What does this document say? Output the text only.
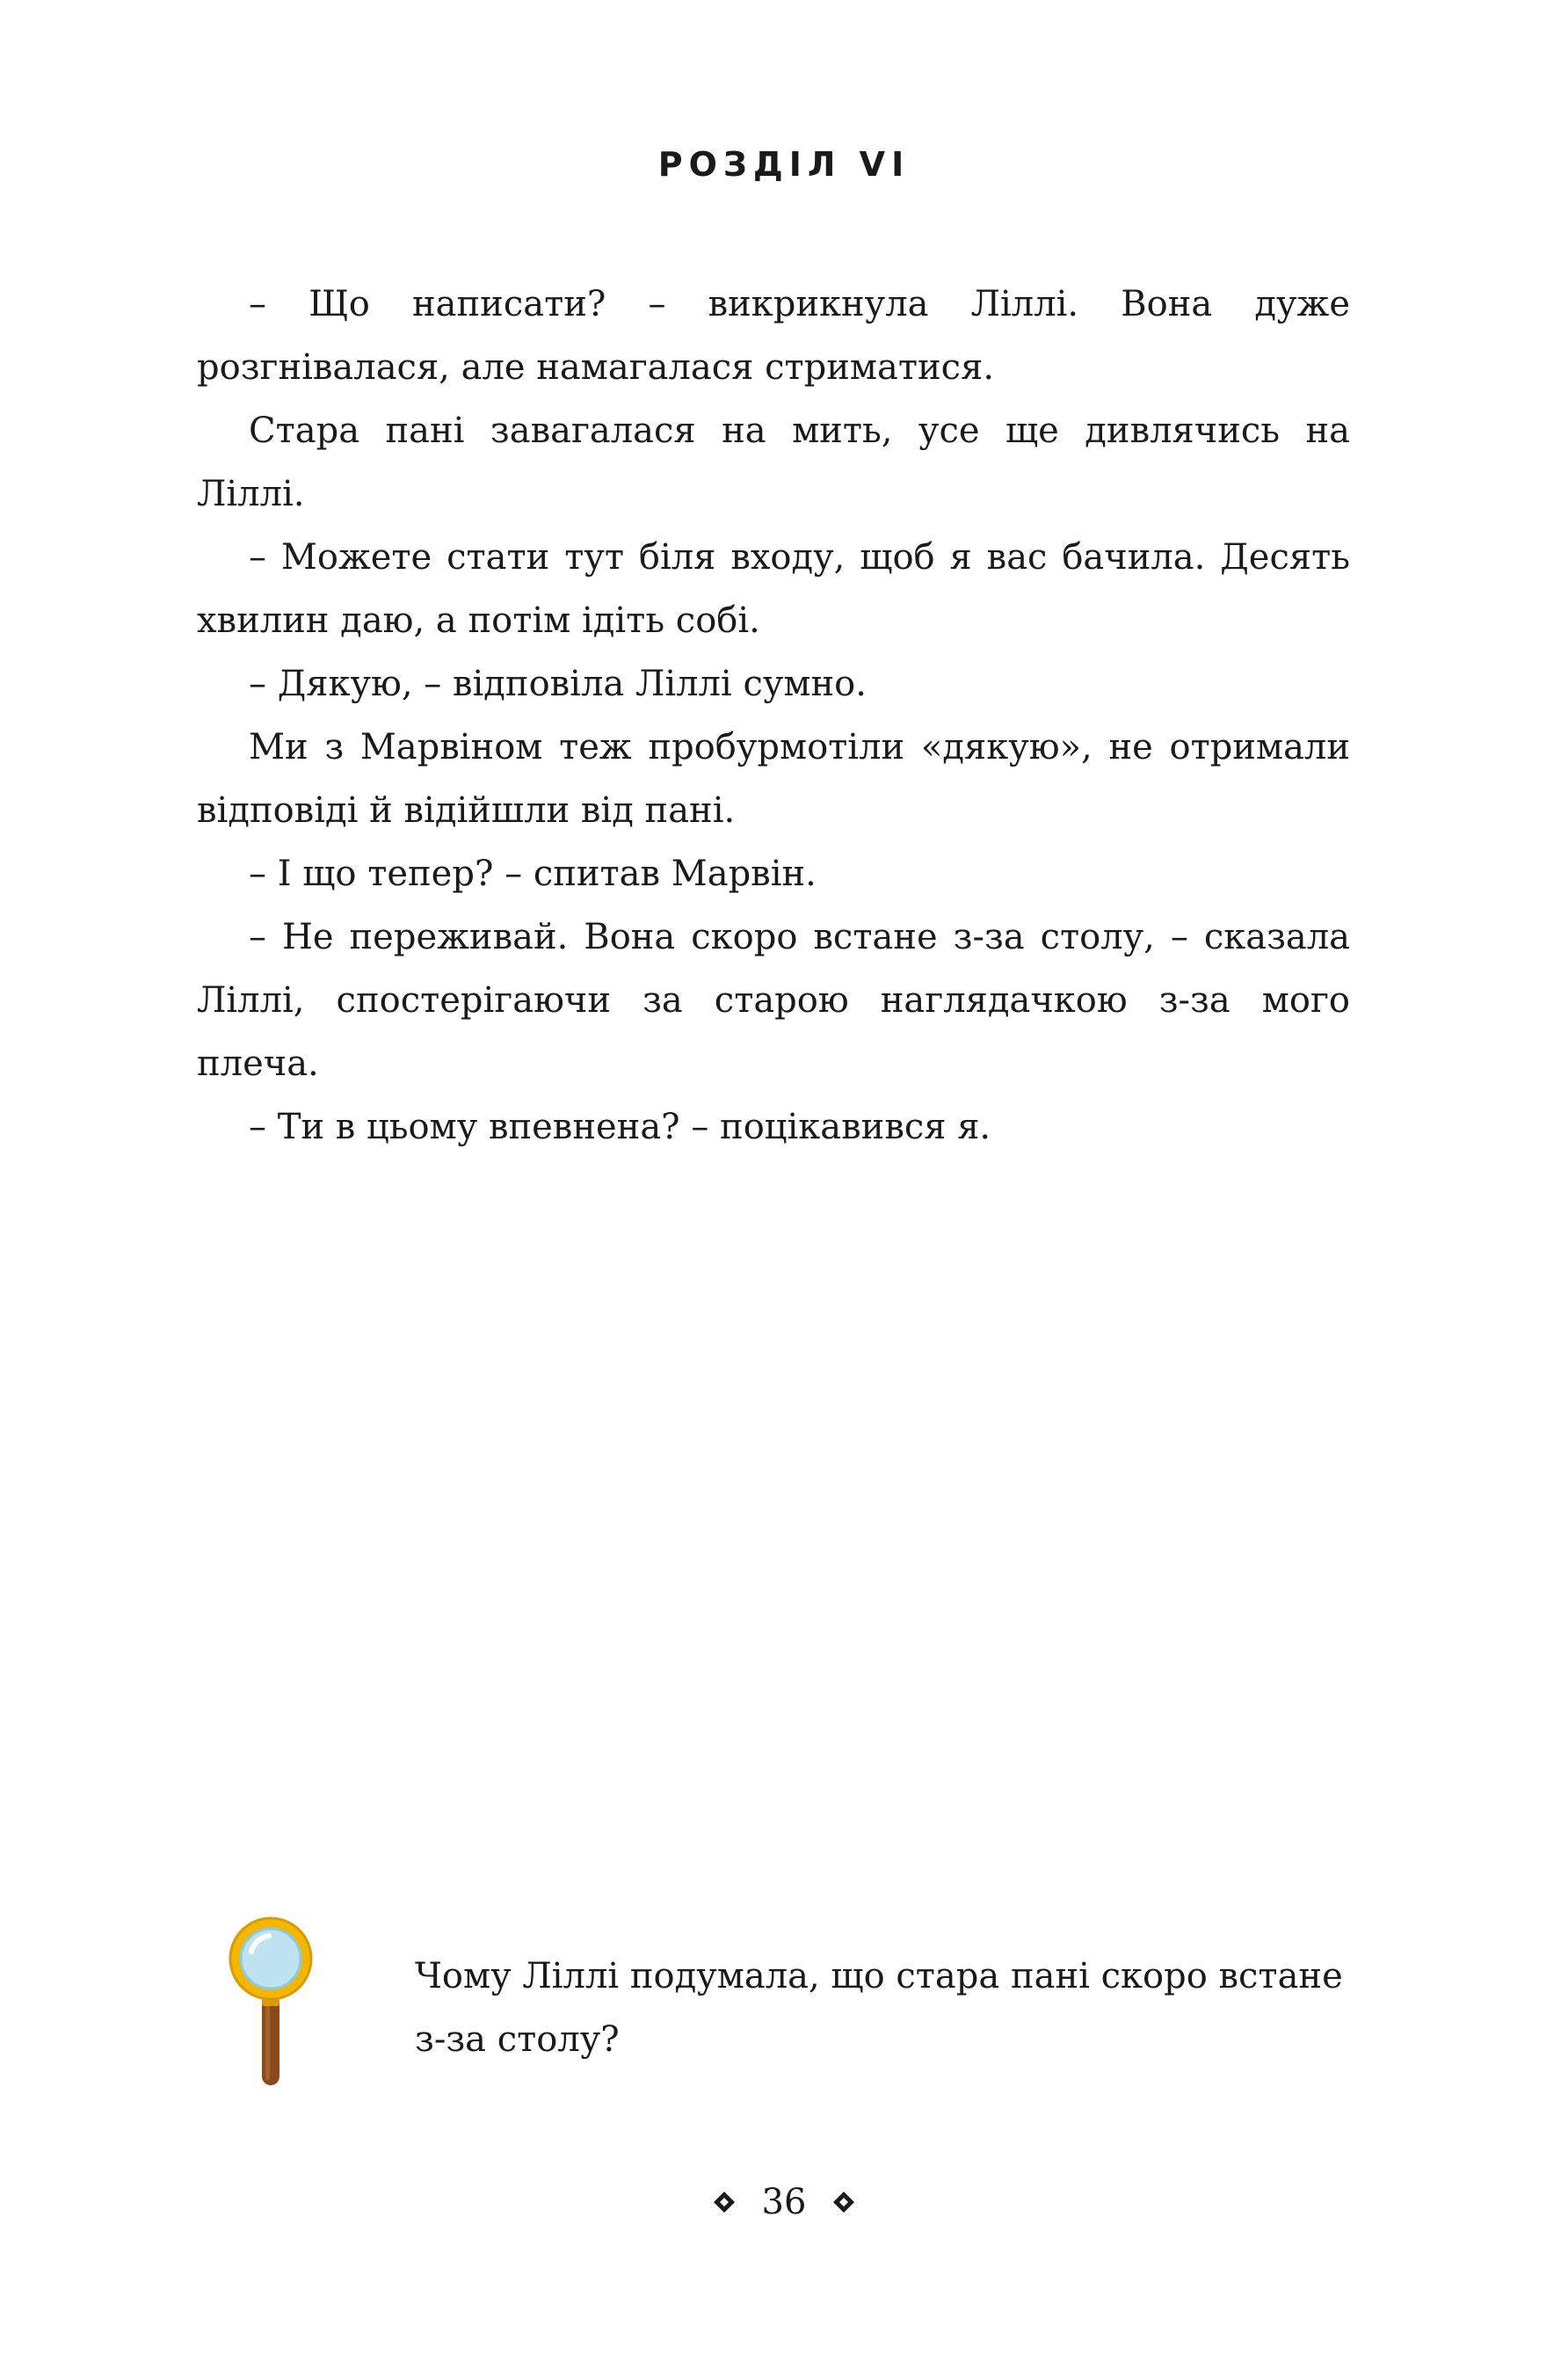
РОЗДІЛ VI

– Що написати? – викрикнула Ліллі. Вона дуже розгнівалася, але намагалася стриматися.

Стара пані завагалася на мить, усе ще дивлячись на Ліллі.

– Можете стати тут біля входу, щоб я вас бачила. Десять хвилин даю, а потім ідіть собі.

– Дякую, – відповіла Ліллі сумно.

Ми з Марвіном теж пробурмотіли «дякую», не отримали відповіді й відійшли від пані.

– І що тепер? – спитав Марвін.

– Не переживай. Вона скоро встане з-за столу, – сказала Ліллі, спостерігаючи за старою наглядачкою з-за мого плеча.

– Ти в цьому впевнена? – поцікавився я.

Чому Ліллі подумала, що стара пані скоро встане з-за столу?

36
